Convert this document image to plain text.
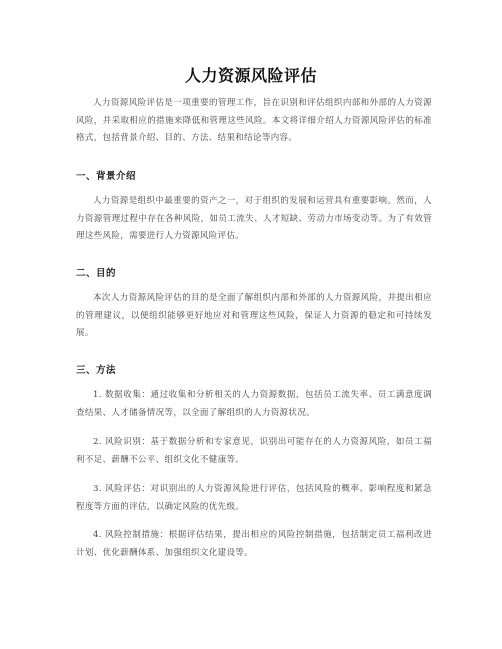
人力资源风险评估

人力资源风险评估是一项重要的管理工作，旨在识别和评估组织内部和外部的人力资源风险，并采取相应的措施来降低和管理这些风险。本文将详细介绍人力资源风险评估的标准格式，包括背景介绍、目的、方法、结果和结论等内容。

一、背景介绍

人力资源是组织中最重要的资产之一，对于组织的发展和运营具有重要影响。然而，人力资源管理过程中存在各种风险，如员工流失、人才短缺、劳动力市场变动等。为了有效管理这些风险，需要进行人力资源风险评估。

二、目的

本次人力资源风险评估的目的是全面了解组织内部和外部的人力资源风险，并提出相应的管理建议，以便组织能够更好地应对和管理这些风险，保证人力资源的稳定和可持续发展。

三、方法

1. 数据收集：通过收集和分析相关的人力资源数据，包括员工流失率、员工满意度调查结果、人才储备情况等，以全面了解组织的人力资源状况。

2. 风险识别：基于数据分析和专家意见，识别出可能存在的人力资源风险，如员工福利不足、薪酬不公平、组织文化不健康等。

3. 风险评估：对识别出的人力资源风险进行评估，包括风险的概率、影响程度和紧急程度等方面的评估，以确定风险的优先级。

4. 风险控制措施：根据评估结果，提出相应的风险控制措施，包括制定员工福利改进计划、优化薪酬体系、加强组织文化建设等。
